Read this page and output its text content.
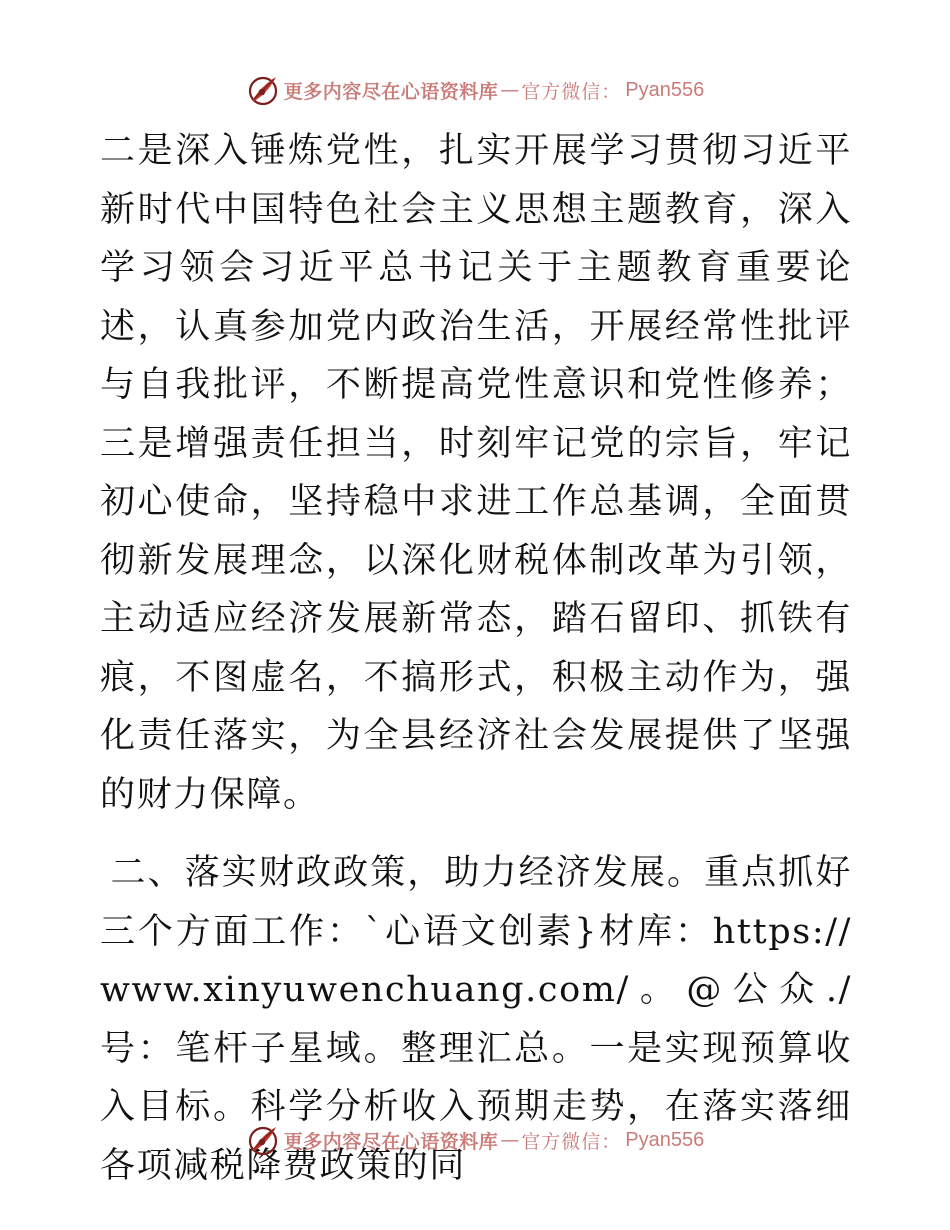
更多内容尽在心语资料库 — 官方微信： Pyan556

二是深入锤炼党性，扎实开展学习贯彻习近平新时代中国特色社会主义思想主题教育，深入学习领会习近平总书记关于主题教育重要论述，认真参加党内政治生活，开展经常性批评与自我批评，不断提高党性意识和党性修养；三是增强责任担当，时刻牢记党的宗旨，牢记初心使命，坚持稳中求进工作总基调，全面贯彻新发展理念，以深化财税体制改革为引领，主动适应经济发展新常态，踏石留印、抓铁有痕，不图虚名，不搞形式，积极主动作为，强化责任落实，为全县经济社会发展提供了坚强的财力保障。

二、落实财政政策，助力经济发展。重点抓好三个方面工作：`心语文创素}材库：https://www.xinyuwenchuang.com/。@公众./号：笔杆子星域。整理汇总。一是实现预算收入目标。科学分析收入预期走势，在落实落细各项减税降费政策的同

更多内容尽在心语资料库 — 官方微信： Pyan556
